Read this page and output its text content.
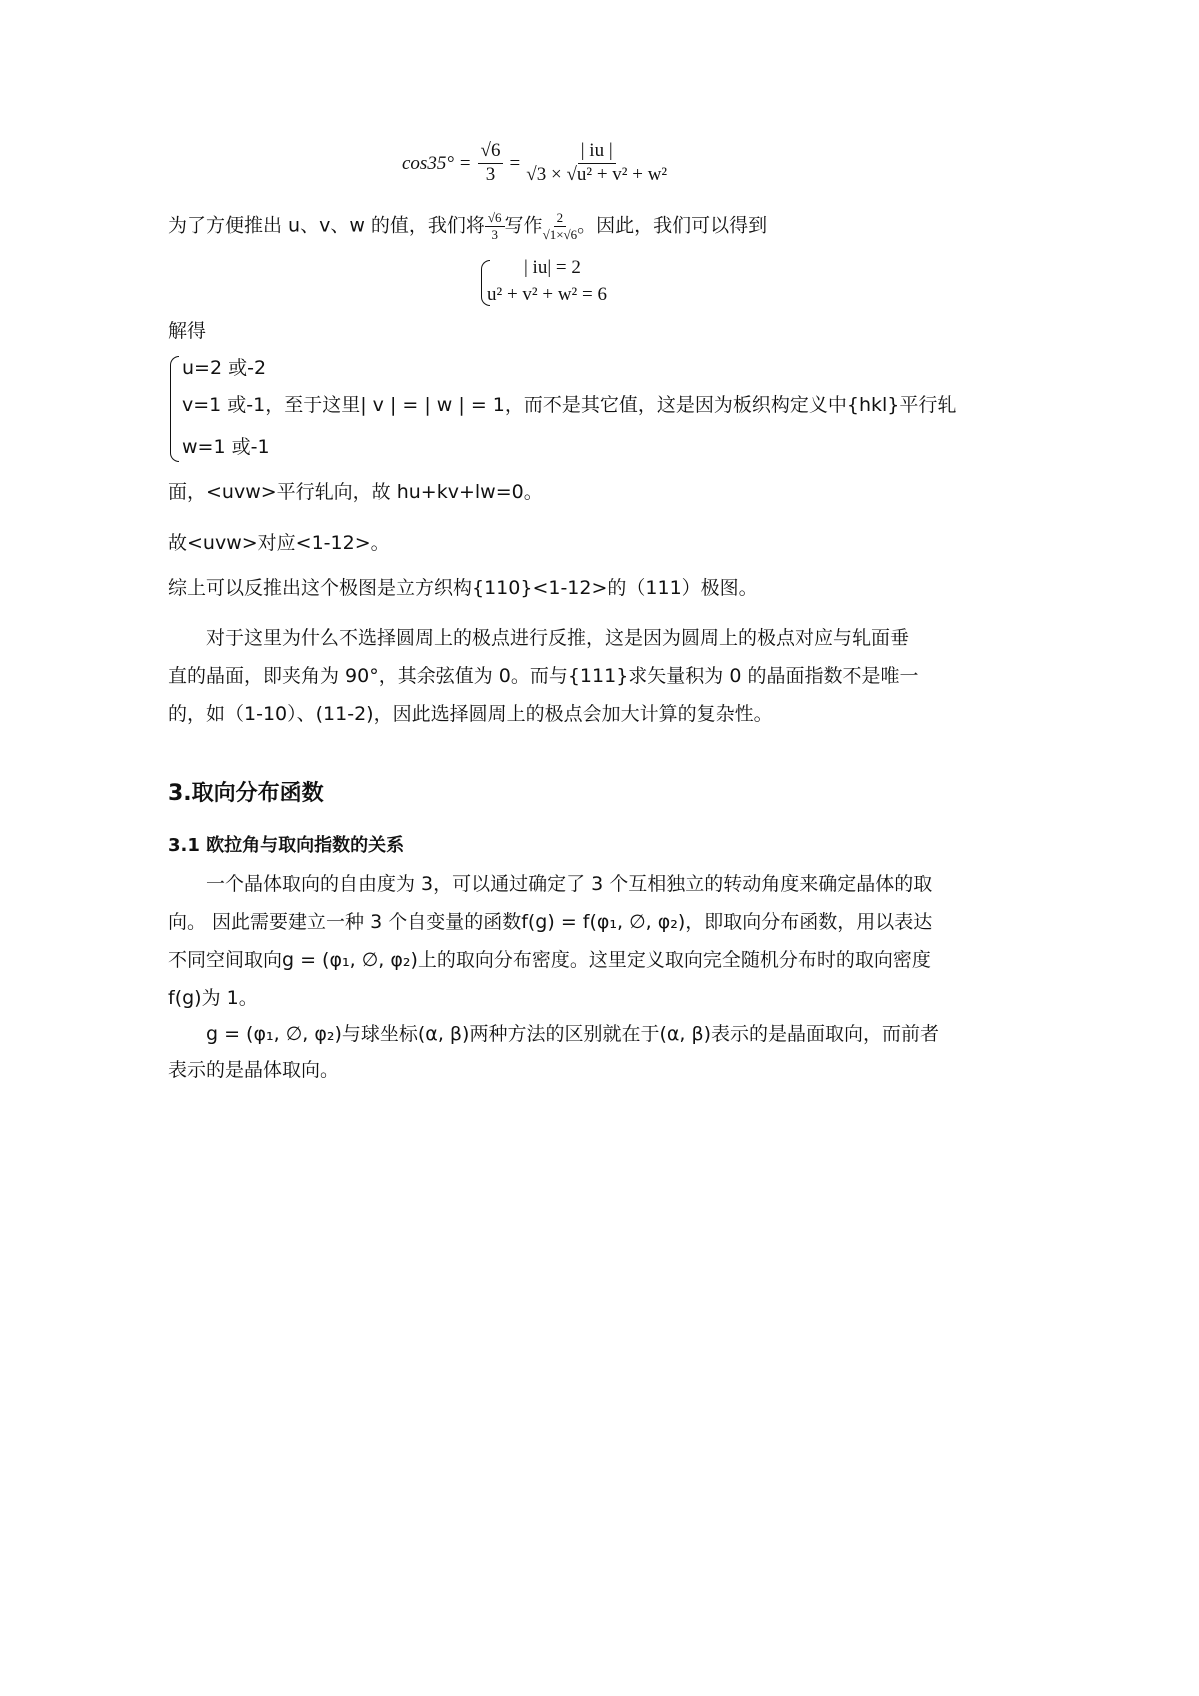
$\cos 35^\circ = \frac{√6}{3} = \frac{| iu |}{\text{√3 × √u² + v² + w²}}$
为了方便推出 u、v、w 的值，我们将 $\frac{√6}{3}$ 写作 $\frac{2}{√1\times√6}$ 。因此，我们可以得到
| iu| = 2
u² + v² + w² = 6
解得
u=2 或-2
v=1 或-1，至于这里| v | = | w | = 1，而不是其它值，这是因为板织构定义中{hkl}平行轧
w=1 或-1
面，<uvw>平行轧向，故 hu+kv+lw=0。
故<uvw>对应<1-12>。
综上可以反推出这个极图是立方织构{110}<1-12>的（111）极图。
对于这里为什么不选择圆周上的极点进行反推，这是因为圆周上的极点对应与轧面垂
直的晶面，即夹角为 90°，其余弦值为 0。而与{111}求矢量积为 0 的晶面指数不是唯一
的，如（1-10）、(11-2)，因此选择圆周上的极点会加大计算的复杂性。
3.取向分布函数
3.1 欧拉角与取向指数的关系
一个晶体取向的自由度为 3，可以通过确定了 3 个互相独立的转动角度来确定晶体的取
向。 因此需要建立一种 3 个自变量的函数f(g) = f(φ₁, ∅, φ₂)，即取向分布函数，用以表达
不同空间取向g = (φ₁, ∅, φ₂)上的取向分布密度。这里定义取向完全随机分布时的取向密度
f(g)为 1。
g = (φ₁, ∅, φ₂)与球坐标(α, β)两种方法的区别就在于(α, β)表示的是晶面取向，而前者
表示的是晶体取向。
